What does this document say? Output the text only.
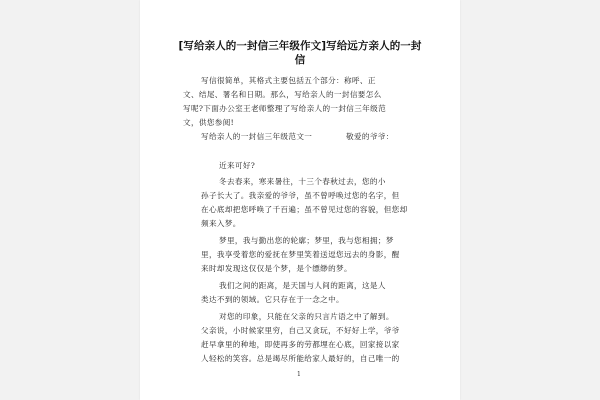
[写给亲人的一封信三年级作文]写给远方亲人的一封
信
写信很简单，其格式主要包括五个部分：称呼、正
文、结尾、署名和日期。那么，写给亲人的一封信要怎么
写呢?下面办公室王老师整理了写给亲人的一封信三年级范
文，供您参阅!
写给亲人的一封信三年级范文一	敬爱的爷爷：
近来可好?
冬去春来，寒来暑往，十三个春秋过去，您的小
孙子长大了。我亲爱的爷爷，虽不曾呼唤过您的名字，但
在心底却把您呼唤了千百遍；虽不曾见过您的容貌，但您却
频来入梦。
梦里，我与勤出您的轮廓；梦里，我与您相拥；梦
里，我享受着您的爱抚在梦里笑着送逗您远去的身影，醒
来时却发现这仅仅是个梦，是个缥缈的梦。
我们之间的距离，是天国与人间的距离，这是人
类达不到的领域。它只存在于一念之中。
对您的印象，只能在父亲的只言片语之中了解到。
父亲说，小时候家里穷，自己又贪玩，不好好上学，爷爷
赶早拿里的种地，即使再多的劳都埋在心底，回家接以家
人轻松的笑容。总是竭尽所能给家人最好的，自己唯一的
1
